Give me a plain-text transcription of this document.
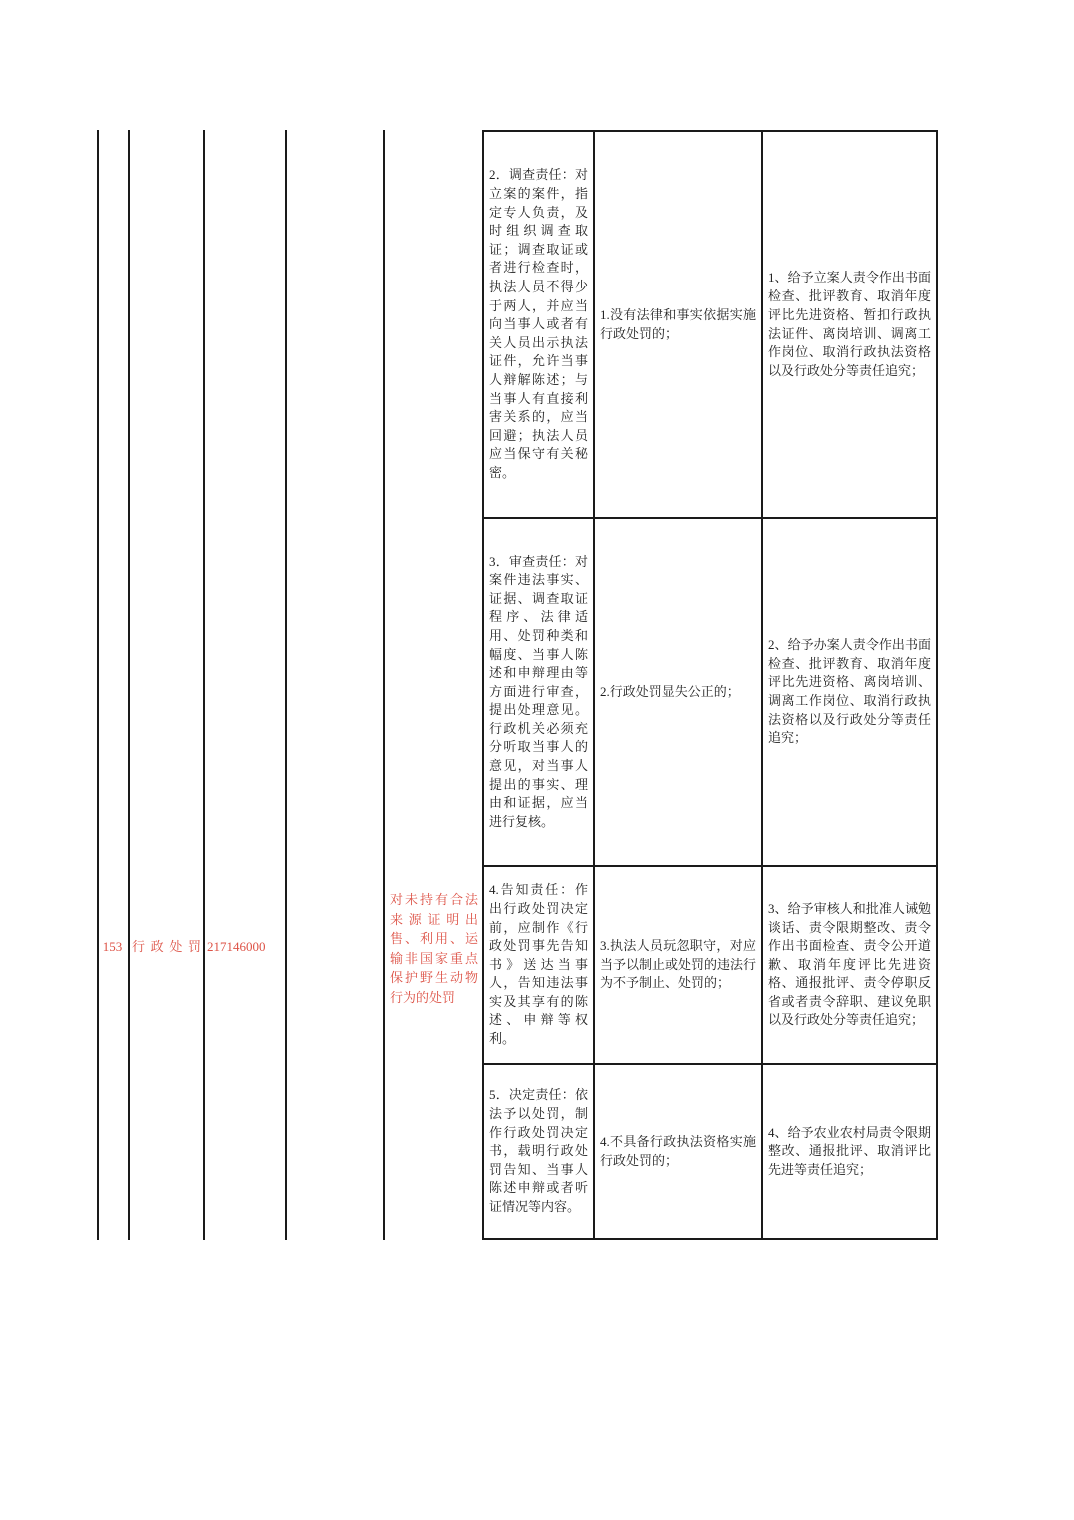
153 行政处罚 217146000
对未持有合法来源证明出售、利用、运输非国家重点保护野生动物行为的处罚

2．调查责任：对立案的案件，指定专人负责，及时组织调查取证；调查取证或者进行检查时，执法人员不得少于两人，并应当向当事人或者有关人员出示执法证件，允许当事人辩解陈述；与当事人有直接利害关系的，应当回避；执法人员应当保守有关秘密。

1.没有法律和事实依据实施行政处罚的；

1、给予立案人责令作出书面检查、批评教育、取消年度评比先进资格、暂扣行政执法证件、离岗培训、调离工作岗位、取消行政执法资格以及行政处分等责任追究；

3．审查责任：对案件违法事实、证据、调查取证程序、法律适用、处罚种类和幅度、当事人陈述和申辩理由等方面进行审查，提出处理意见。行政机关必须充分听取当事人的意见，对当事人提出的事实、理由和证据，应当进行复核。

2.行政处罚显失公正的；

2、给予办案人责令作出书面检查、批评教育、取消年度评比先进资格、离岗培训、调离工作岗位、取消行政执法资格以及行政处分等责任追究；

4.告知责任：作出行政处罚决定前，应制作《行政处罚事先告知书》送达当事人，告知违法事实及其享有的陈述、申辩等权利。

3.执法人员玩忽职守，对应当予以制止或处罚的违法行为不予制止、处罚的；

3、给予审核人和批准人诫勉谈话、责令限期整改、责令作出书面检查、责令公开道歉、取消年度评比先进资格、通报批评、责令停职反省或者责令辞职、建议免职以及行政处分等责任追究；

5．决定责任：依法予以处罚，制作行政处罚决定书，载明行政处罚告知、当事人陈述申辩或者听证情况等内容。

4.不具备行政执法资格实施行政处罚的；

4、给予农业农村局责令限期整改、通报批评、取消评比先进等责任追究；
